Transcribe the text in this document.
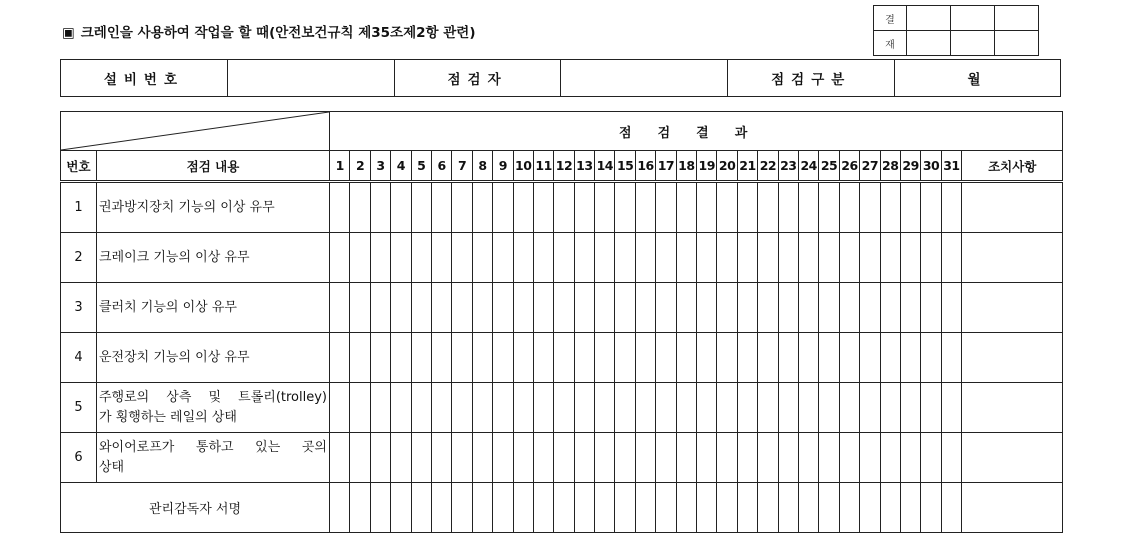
▣ 크레인을 사용하여 작업을 할 때(안전보건규칙 제35조제2항 관련)
결			
재			
설비번호		점검자		점검구분	월
	점검결과																															
번호	점검 내용	1	2	3	4	5	6	7	8	9	10	11	12	13	14	15	16	17	18	19	20	21	22	23	24	25	26	27	28	29	30	31	조치사항
1	권과방지장치 기능의 이상 유무																																
2	크레이크 기능의 이상 유무																																
3	클러치 기능의 이상 유무																																
4	운전장치 기능의 이상 유무																																
5	주행로의 상측 및 트롤리(trolley)
가 횡행하는 레일의 상태																																

6	와이어로프가 통하고 있는 곳의
상태																																

관리감독자 서명																																	
